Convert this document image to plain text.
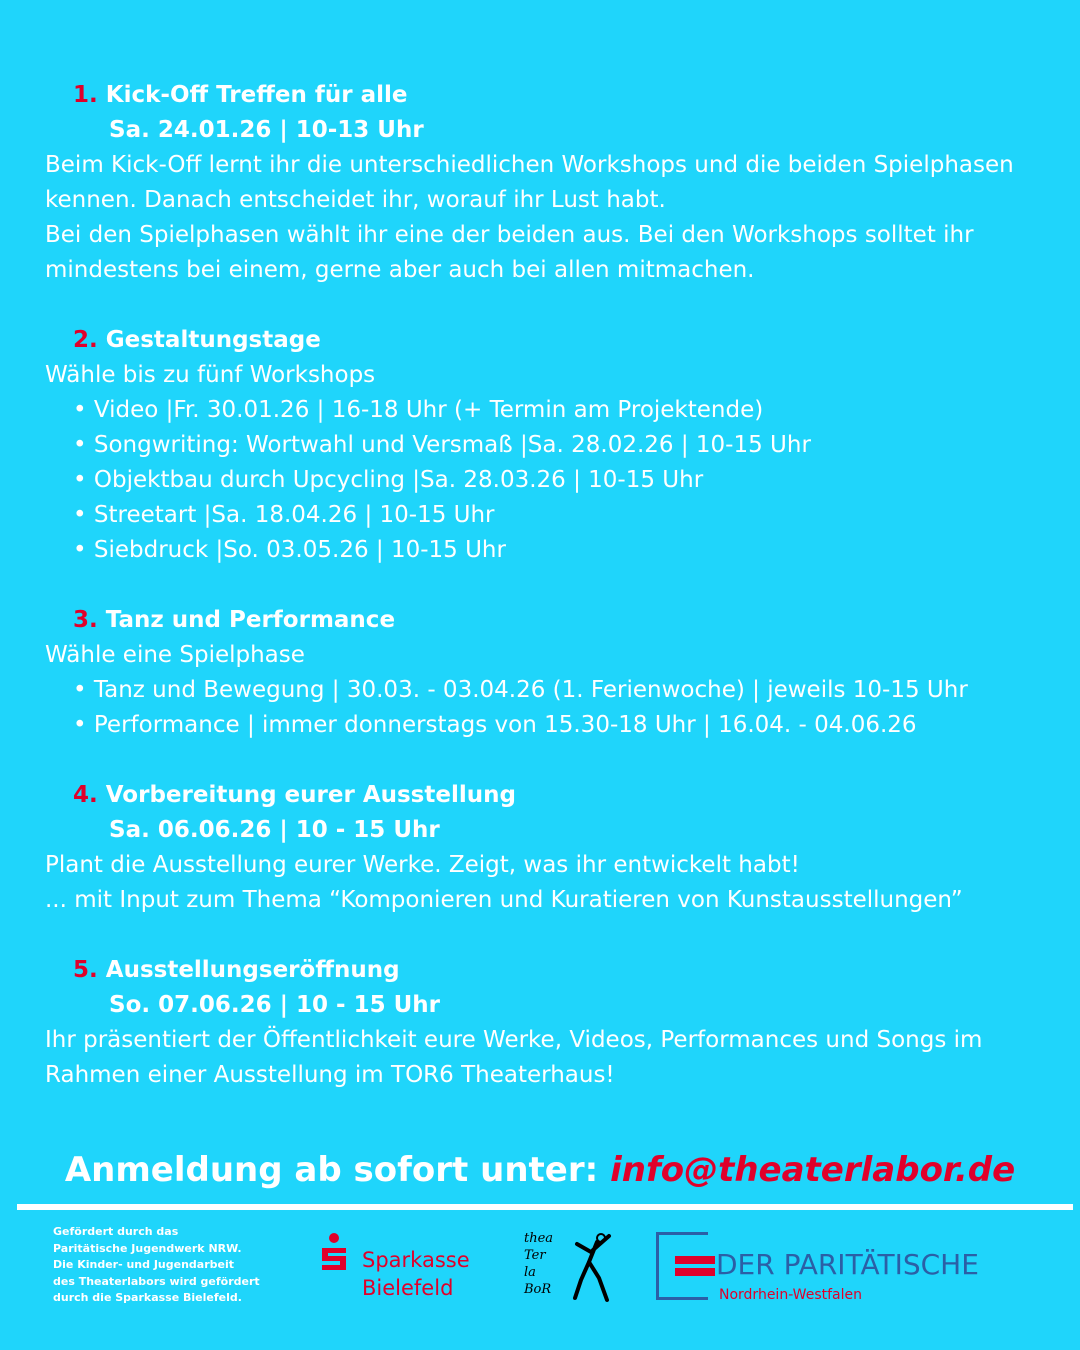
1. Kick-Off Treffen für alle
Sa. 24.01.26 | 10-13 Uhr
Beim Kick-Off lernt ihr die unterschiedlichen Workshops und die beiden Spielphasen
kennen. Danach entscheidet ihr, worauf ihr Lust habt.
Bei den Spielphasen wählt ihr eine der beiden aus. Bei den Workshops solltet ihr
mindestens bei einem, gerne aber auch bei allen mitmachen.
2. Gestaltungstage
Wähle bis zu fünf Workshops
• Video |Fr. 30.01.26 | 16-18 Uhr (+ Termin am Projektende)
• Songwriting: Wortwahl und Versmaß |Sa. 28.02.26 | 10-15 Uhr
• Objektbau durch Upcycling |Sa. 28.03.26 | 10-15 Uhr
• Streetart |Sa. 18.04.26 | 10-15 Uhr
• Siebdruck |So. 03.05.26 | 10-15 Uhr
3. Tanz und Performance
Wähle eine Spielphase
• Tanz und Bewegung | 30.03. - 03.04.26 (1. Ferienwoche) | jeweils 10-15 Uhr
• Performance | immer donnerstags von 15.30-18 Uhr | 16.04. - 04.06.26
4. Vorbereitung eurer Ausstellung
Sa. 06.06.26 | 10 - 15 Uhr
Plant die Ausstellung eurer Werke. Zeigt, was ihr entwickelt habt!
... mit Input zum Thema “Komponieren und Kuratieren von Kunstausstellungen”
5. Ausstellungseröffnung
So. 07.06.26 | 10 - 15 Uhr
Ihr präsentiert der Öffentlichkeit eure Werke, Videos, Performances und Songs im
Rahmen einer Ausstellung im TOR6 Theaterhaus!
Anmeldung ab sofort unter: info@theaterlabor.de
Gefördert durch das
Paritätische Jugendwerk NRW.
Die Kinder- und Jugendarbeit
des Theaterlabors wird gefördert
durch die Sparkasse Bielefeld.
Sparkasse
Bielefeld
thea
Ter
la
BoR
DER PARITÄTISCHE
Nordrhein-Westfalen
